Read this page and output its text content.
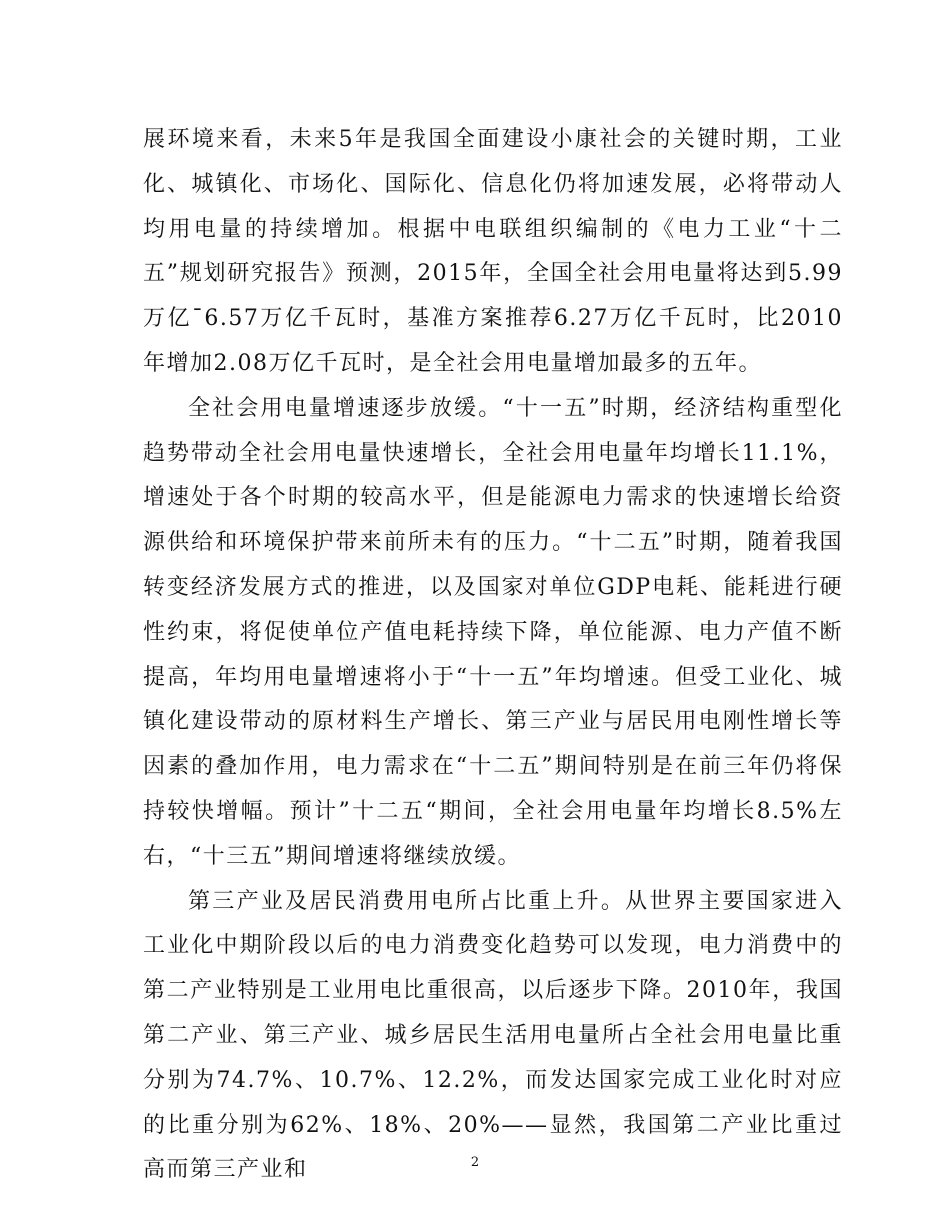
展环境来看，未来5年是我国全面建设小康社会的关键时期，工业化、城镇化、市场化、国际化、信息化仍将加速发展，必将带动人均用电量的持续增加。根据中电联组织编制的《电力工业“十二五”规划研究报告》预测，2015年，全国全社会用电量将达到5.99万亿¯6.57万亿千瓦时，基准方案推荐6.27万亿千瓦时，比2010年增加2.08万亿千瓦时，是全社会用电量增加最多的五年。

全社会用电量增速逐步放缓。“十一五”时期，经济结构重型化趋势带动全社会用电量快速增长，全社会用电量年均增长11.1%，增速处于各个时期的较高水平，但是能源电力需求的快速增长给资源供给和环境保护带来前所未有的压力。“十二五”时期，随着我国转变经济发展方式的推进，以及国家对单位GDP电耗、能耗进行硬性约束，将促使单位产值电耗持续下降，单位能源、电力产值不断提高，年均用电量增速将小于“十一五”年均增速。但受工业化、城镇化建设带动的原材料生产增长、第三产业与居民用电刚性增长等因素的叠加作用，电力需求在“十二五”期间特别是在前三年仍将保持较快增幅。预计”十二五“期间，全社会用电量年均增长8.5%左右，“十三五”期间增速将继续放缓。

第三产业及居民消费用电所占比重上升。从世界主要国家进入工业化中期阶段以后的电力消费变化趋势可以发现，电力消费中的第二产业特别是工业用电比重很高，以后逐步下降。2010年，我国第二产业、第三产业、城乡居民生活用电量所占全社会用电量比重分别为74.7%、10.7%、12.2%，而发达国家完成工业化时对应的比重分别为62%、18%、20%——显然，我国第二产业比重过高而第三产业和	2
